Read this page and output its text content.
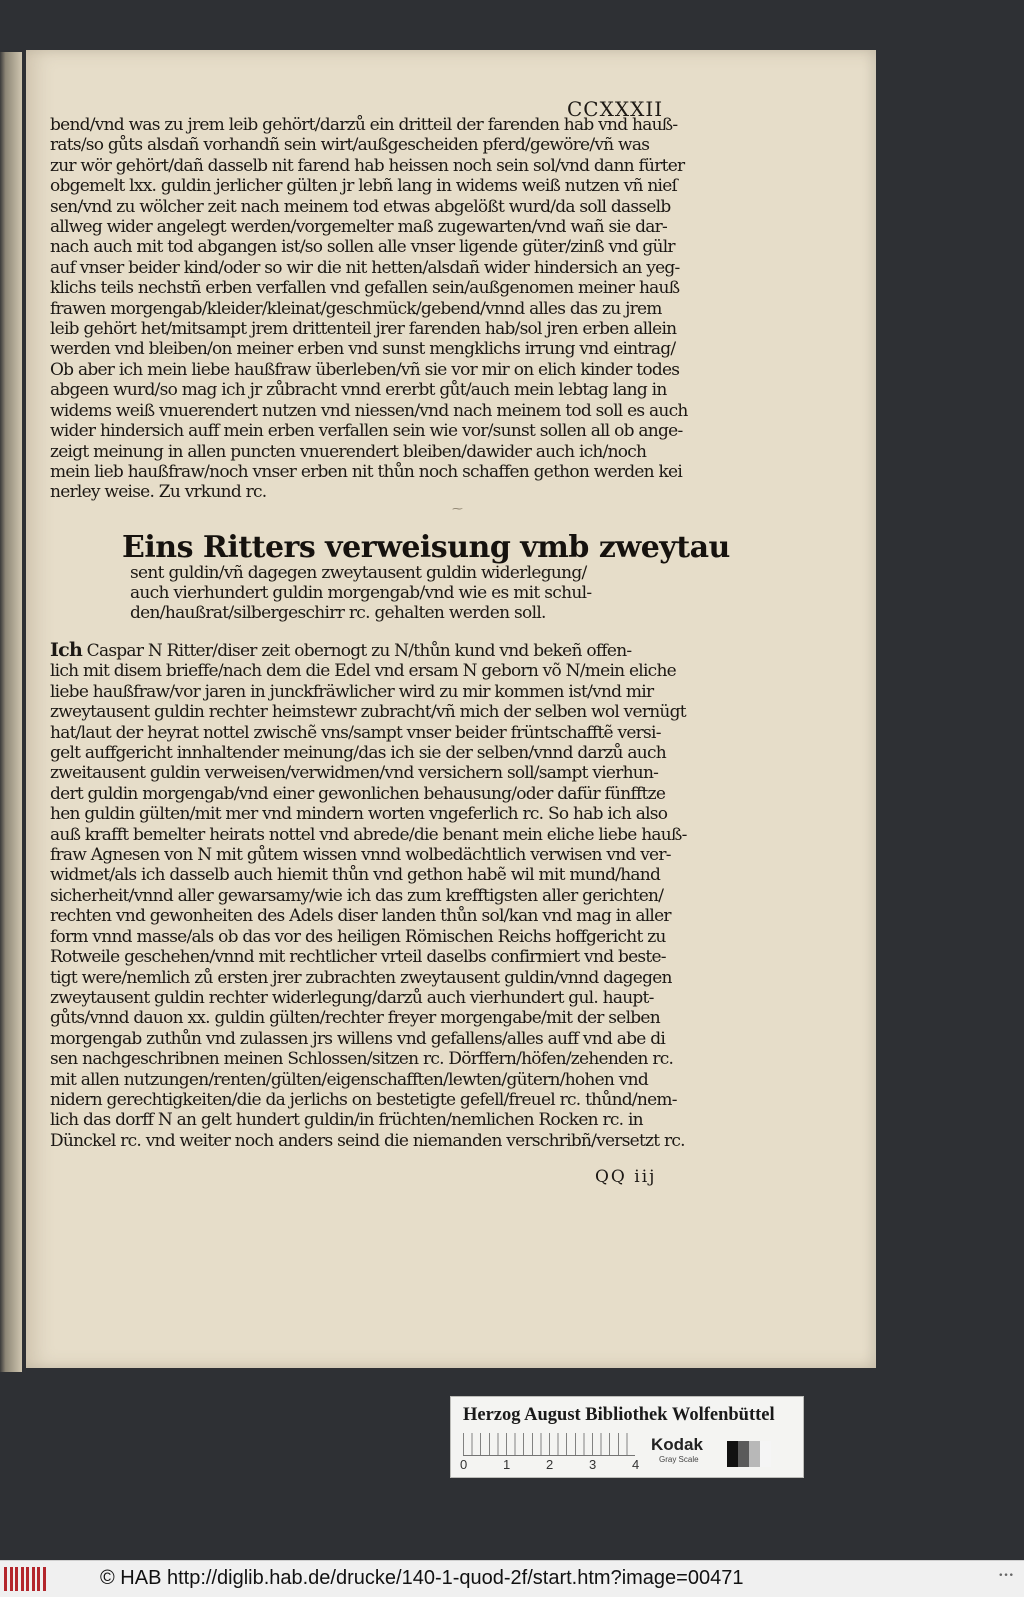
CCXXXII
bend/vnd was zu jrem leib gehört/darzů ein dritteil der farenden hab vnd hauß-
rats/so gůts alsdañ vorhandñ sein wirt/außgescheiden pferd/gewöre/vñ was
zur wör gehört/dañ dasselb nit farend hab heissen noch sein sol/vnd dann fürter
obgemelt lxx. guldin jerlicher gülten jr lebñ lang in widems weiß nutzen vñ nieſ
sen/vnd zu wölcher zeit nach meinem tod etwas abgelößt wurd/da soll dasselb
allweg wider angelegt werden/vorgemelter maß zugewarten/vnd wañ sie dar-
nach auch mit tod abgangen ist/so sollen alle vnser ligende güter/zinß vnd gülr
auf vnser beider kind/oder so wir die nit hetten/alsdañ wider hindersich an yeg-
klichs teils nechstñ erben verfallen vnd gefallen sein/außgenomen meiner hauß
frawen morgengab/kleider/kleinat/geschmück/gebend/vnnd alles das zu jrem
leib gehört het/mitsampt jrem drittenteil jrer farenden hab/sol jren erben allein
werden vnd bleiben/on meiner erben vnd sunst mengklichs irrung vnd eintrag/
Ob aber ich mein liebe haußfraw überleben/vñ sie vor mir on elich kinder todes
abgeen wurd/so mag ich jr zůbracht vnnd ererbt gůt/auch mein lebtag lang in
widems weiß vnuerendert nutzen vnd niessen/vnd nach meinem tod soll es auch
wider hindersich auff mein erben verfallen sein wie vor/sunst sollen all ob ange-
zeigt meinung in allen puncten vnuerendert bleiben/dawider auch ich/noch
mein lieb haußfraw/noch vnser erben nit thůn noch schaffen gethon werden kei
nerley weise. Zu vrkund rc.
⁓
Eins Ritters verweisung vmb zweytau
sent guldin/vñ dagegen zweytausent guldin widerlegung/
auch vierhundert guldin morgengab/vnd wie es mit schul-
den/haußrat/silbergeschirr rc. gehalten werden soll.
Ich Caspar N Ritter/diser zeit obernogt zu N/thůn kund vnd bekeñ offen-
lich mit disem brieffe/nach dem die Edel vnd ersam N geborn võ N/mein eliche
liebe haußfraw/vor jaren in junckfräwlicher wird zu mir kommen ist/vnd mir
zweytausent guldin rechter heimstewr zubracht/vñ mich der selben wol vernügt
hat/laut der heyrat nottel zwischẽ vns/sampt vnser beider früntschafftẽ versi-
gelt auffgericht innhaltender meinung/das ich sie der selben/vnnd darzů auch
zweitausent guldin verweisen/verwidmen/vnd versichern soll/sampt vierhun-
dert guldin morgengab/vnd einer gewonlichen behausung/oder dafür fünfftze
hen guldin gülten/mit mer vnd mindern worten vngeferlich rc. So hab ich also
auß krafft bemelter heirats nottel vnd abrede/die benant mein eliche liebe hauß-
fraw Agnesen von N mit gůtem wissen vnnd wolbedächtlich verwisen vnd ver-
widmet/als ich dasselb auch hiemit thůn vnd gethon habẽ wil mit mund/hand
sicherheit/vnnd aller gewarsamy/wie ich das zum krefftigsten aller gerichten/
rechten vnd gewonheiten des Adels diser landen thůn sol/kan vnd mag in aller
form vnnd masse/als ob das vor des heiligen Römischen Reichs hoffgericht zu
Rotweile geschehen/vnnd mit rechtlicher vrteil daselbs confirmiert vnd beste-
tigt were/nemlich zů ersten jrer zubrachten zweytausent guldin/vnnd dagegen
zweytausent guldin rechter widerlegung/darzů auch vierhundert gul. haupt-
gůts/vnnd dauon xx. guldin gülten/rechter freyer morgengabe/mit der selben
morgengab zuthůn vnd zulassen jrs willens vnd gefallens/alles auff vnd abe di
sen nachgeschribnen meinen Schlossen/sitzen rc. Dörffern/höfen/zehenden rc.
mit allen nutzungen/renten/gülten/eigenschafften/lewten/gütern/hohen vnd
nidern gerechtigkeiten/die da jerlichs on bestetigte gefell/freuel rc. thůnd/nem-
lich das dorff N an gelt hundert guldin/in früchten/nemlichen Rocken rc. in
Dünckel rc. vnd weiter noch anders seind die niemanden verschribñ/versetzt rc.
QQ iij
Herzog August Bibliothek Wolfenbüttel
0	1	2	3	4
Kodak
Gray Scale
© HAB http://diglib.hab.de/drucke/140-1-quod-2f/start.htm?image=00471	•••
